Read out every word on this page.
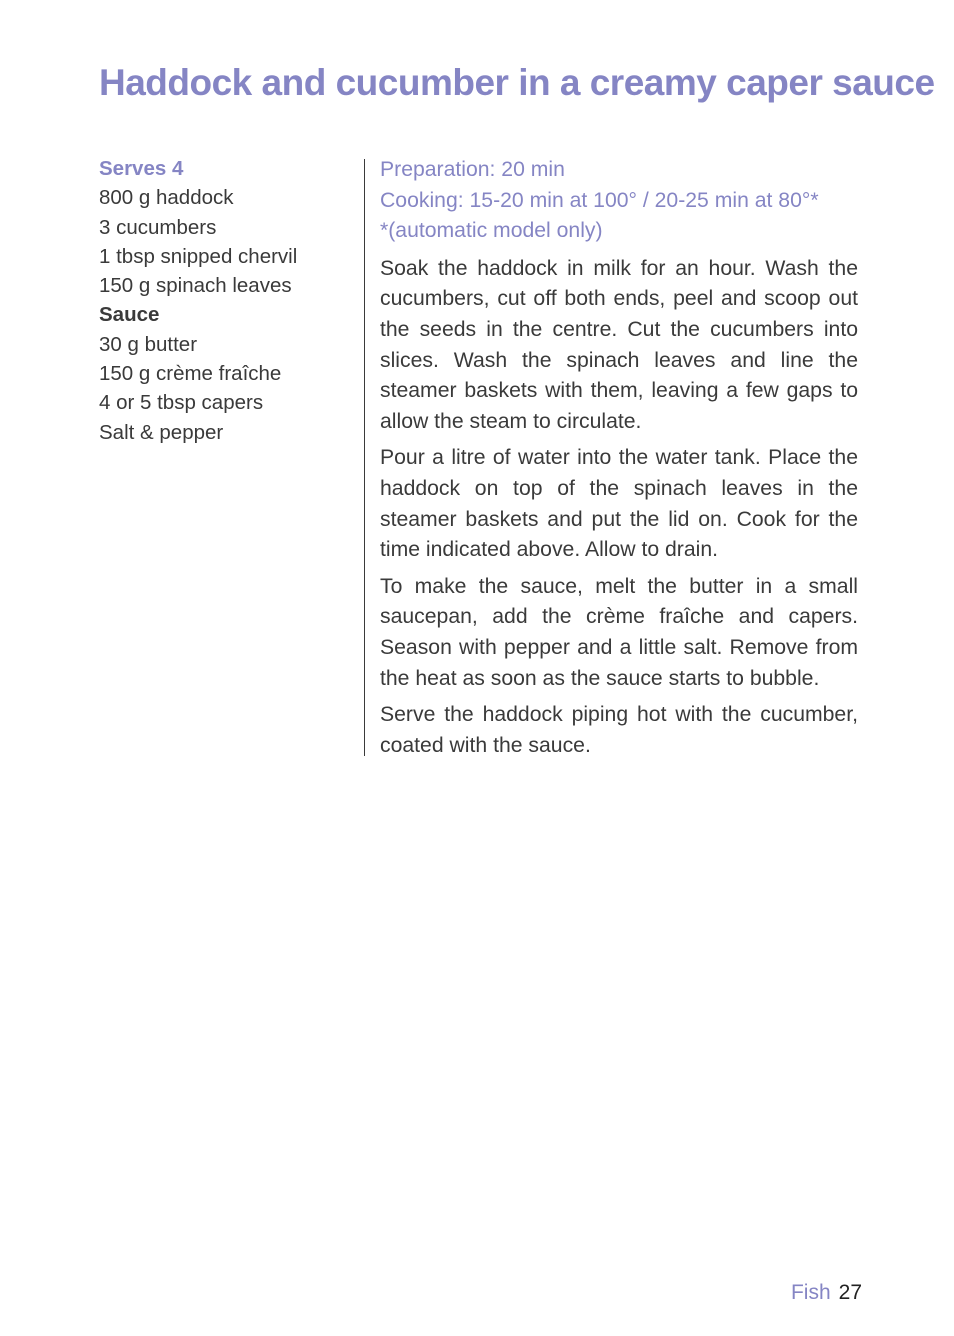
Haddock and cucumber in a creamy caper sauce
Serves 4
800 g haddock
3 cucumbers
1 tbsp snipped chervil
150 g spinach leaves
Sauce
30 g butter
150 g crème fraîche
4 or 5 tbsp capers
Salt & pepper

Preparation: 20 min

Cooking: 15-20 min at 100° / 20-25 min at 80°*

*(automatic model only)

Soak the haddock in milk for an hour. Wash the cucumbers, cut off both ends, peel and scoop out the seeds in the centre. Cut the cucumbers into slices. Wash the spinach leaves and line the steamer baskets with them, leaving a few gaps to allow the steam to circulate.

Pour a litre of water into the water tank. Place the haddock on top of the spinach leaves in the steamer baskets and put the lid on. Cook for the time indicated above. Allow to drain.

To make the sauce, melt the butter in a small saucepan, add the crème fraîche and capers. Season with pepper and a little salt. Remove from the heat as soon as the sauce starts to bubble.

Serve the haddock piping hot with the cucumber, coated with the sauce.

Fish 27
